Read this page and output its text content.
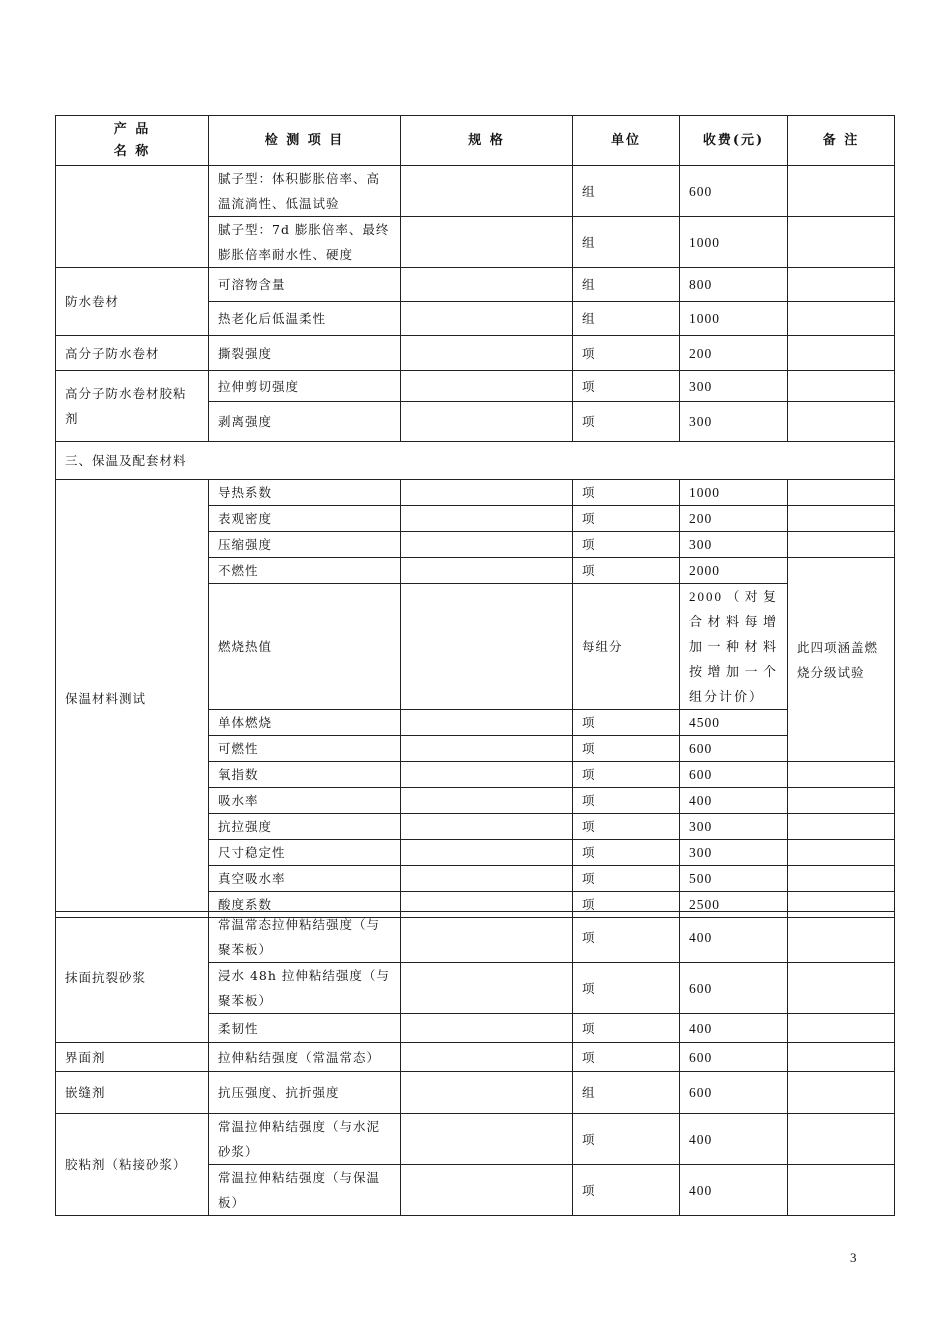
产 品
名 称	检 测 项 目	规 格	单位	收费(元)	备 注
	腻子型：体积膨胀倍率、高温流淌性、低温试验		组	600	
	腻子型：7d 膨胀倍率、最终膨胀倍率耐水性、硬度		组	1000	
防水卷材	可溶物含量		组	800	
	热老化后低温柔性		组	1000	
高分子防水卷材	撕裂强度		项	200	
高分子防水卷材胶粘剂	拉伸剪切强度		项	300	
	剥离强度		项	300	
三、保温及配套材料					
保温材料测试	导热系数		项	1000	
	表观密度		项	200	
	压缩强度		项	300	
	不燃性		项	2000	此四项涵盖燃烧分级试验
	燃烧热值		每组分	2000（对复合材料每增加一种材料按增加一个组分计价）	
	单体燃烧		项	4500	
	可燃性		项	600	
	氧指数		项	600	
	吸水率		项	400	
	抗拉强度		项	300	
	尺寸稳定性		项	300	
	真空吸水率		项	500	
	酸度系数		项	2500	
抹面抗裂砂浆	常温常态拉伸粘结强度（与聚苯板）		项	400	
	浸水 48h 拉伸粘结强度（与聚苯板）		项	600	
	柔韧性		项	400	
界面剂	拉伸粘结强度（常温常态）		项	600	
嵌缝剂	抗压强度、抗折强度		组	600	
胶粘剂（粘接砂浆）	常温拉伸粘结强度（与水泥砂浆）		项	400	
	常温拉伸粘结强度（与保温板）		项	400	
3
